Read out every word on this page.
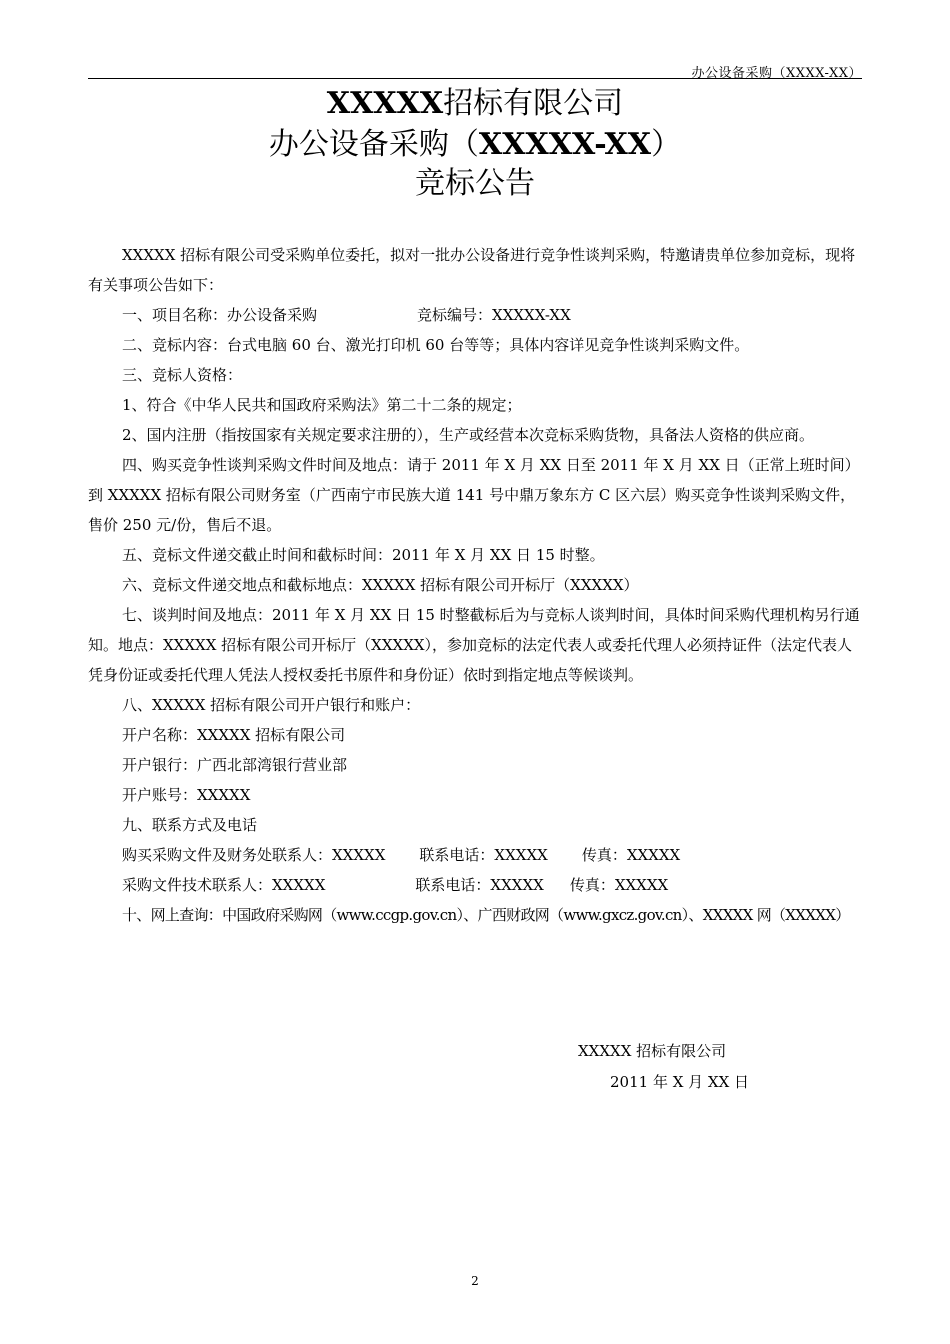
办公设备采购（XXXX-XX）
XXXXX招标有限公司
办公设备采购（XXXXX-XX）
竞标公告

XXXXX 招标有限公司受采购单位委托，拟对一批办公设备进行竞争性谈判采购，特邀请贵单位参加竞标，现将有关事项公告如下：

一、项目名称：办公设备采购	竞标编号：XXXXX-XX

二、竞标内容：台式电脑 60 台、激光打印机 60 台等等；具体内容详见竞争性谈判采购文件。

三、竞标人资格：

1、符合《中华人民共和国政府采购法》第二十二条的规定；

2、国内注册（指按国家有关规定要求注册的），生产或经营本次竞标采购货物，具备法人资格的供应商。

四、购买竞争性谈判采购文件时间及地点：请于 2011 年 X 月 XX 日至 2011 年 X 月 XX 日（正常上班时间）到 XXXXX 招标有限公司财务室（广西南宁市民族大道 141 号中鼎万象东方 C 区六层）购买竞争性谈判采购文件，售价 250 元/份，售后不退。

五、竞标文件递交截止时间和截标时间：2011 年 X 月 XX 日 15 时整。

六、竞标文件递交地点和截标地点：XXXXX 招标有限公司开标厅（XXXXX）

七、谈判时间及地点：2011 年 X 月 XX 日 15 时整截标后为与竞标人谈判时间，具体时间采购代理机构另行通知。地点：XXXXX 招标有限公司开标厅（XXXXX），参加竞标的法定代表人或委托代理人必须持证件（法定代表人凭身份证或委托代理人凭法人授权委托书原件和身份证）依时到指定地点等候谈判。

八、XXXXX 招标有限公司开户银行和账户：

开户名称：XXXXX 招标有限公司

开户银行：广西北部湾银行营业部

开户账号：XXXXX

九、联系方式及电话

购买采购文件及财务处联系人：XXXXX 联系电话：XXXXX 传真：XXXXX

采购文件技术联系人：XXXXX	联系电话：XXXXX 传真：XXXXX

十、网上查询：中国政府采购网（www.ccgp.gov.cn）、广西财政网（www.gxcz.gov.cn）、XXXXX 网（XXXXX）

XXXXX 招标有限公司
2011 年 X 月 XX 日
2
